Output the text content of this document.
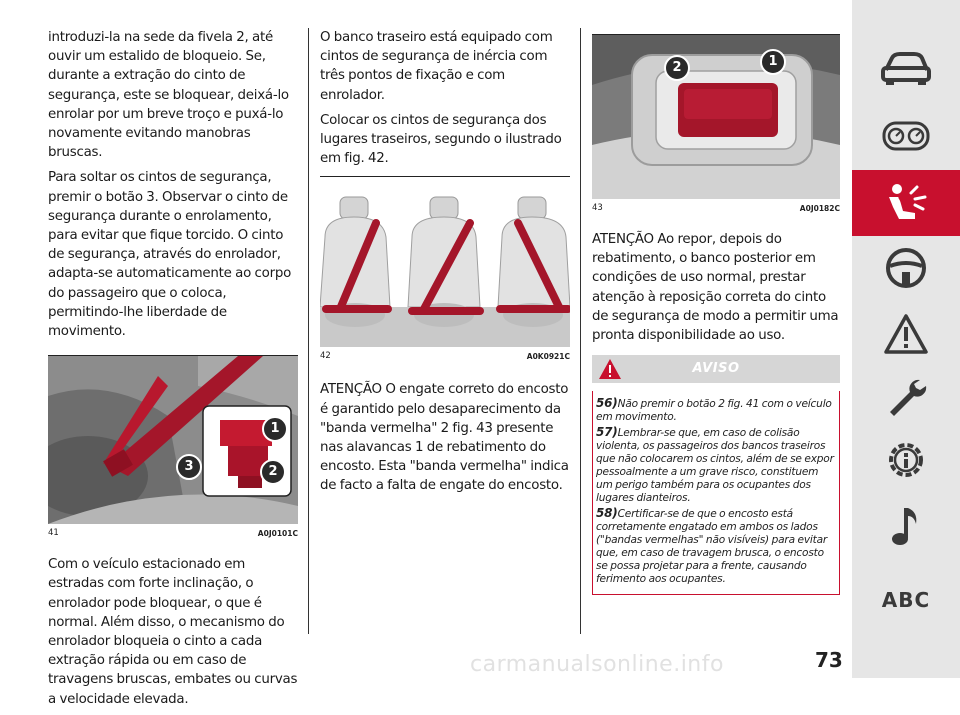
introduzi-la na sede da fivela 2, até ouvir um estalido de bloqueio. Se, durante a extração do cinto de segurança, este se bloquear, deixá-lo enrolar por um breve troço e puxá-lo novamente evitando manobras bruscas.

Para soltar os cintos de segurança, premir o botão 3. Observar o cinto de segurança durante o enrolamento, para evitar que fique torcido. O cinto de segurança, através do enrolador, adapta-se automaticamente ao corpo do passageiro que o coloca, permitindo-lhe liberdade de movimento.

1
3	2
41	A0J0101C

Com o veículo estacionado em estradas com forte inclinação, o enrolador pode bloquear, o que é normal. Além disso, o mecanismo do enrolador bloqueia o cinto a cada extração rápida ou em caso de travagens bruscas, embates ou curvas a velocidade elevada.

O banco traseiro está equipado com cintos de segurança de inércia com três pontos de fixação e com enrolador.

Colocar os cintos de segurança dos lugares traseiros, segundo o ilustrado em fig. 42.

42	A0K0921C

ATENÇÃO O engate correto do encosto é garantido pelo desaparecimento da "banda vermelha" 2 fig. 43 presente nas alavancas 1 de rebatimento do encosto. Esta "banda vermelha" indica de facto a falta de engate do encosto.

2	1
43	A0J0182C

ATENÇÃO Ao repor, depois do rebatimento, o banco posterior em condições de uso normal, prestar atenção à reposição correta do cinto de segurança de modo a permitir uma pronta disponibilidade ao uso.

AVISO

56)Não premir o botão 2 fig. 41 com o veículo em movimento.

57)Lembrar-se que, em caso de colisão violenta, os passageiros dos bancos traseiros que não colocarem os cintos, além de se expor pessoalmente a um grave risco, constituem um perigo também para os ocupantes dos lugares dianteiros.

58)Certificar-se de que o encosto está corretamente engatado em ambos os lados ("bandas vermelhas" não visíveis) para evitar que, em caso de travagem brusca, o encosto se possa projetar para a frente, causando ferimento aos ocupantes.

ABC
carmanualsonline.info	73
